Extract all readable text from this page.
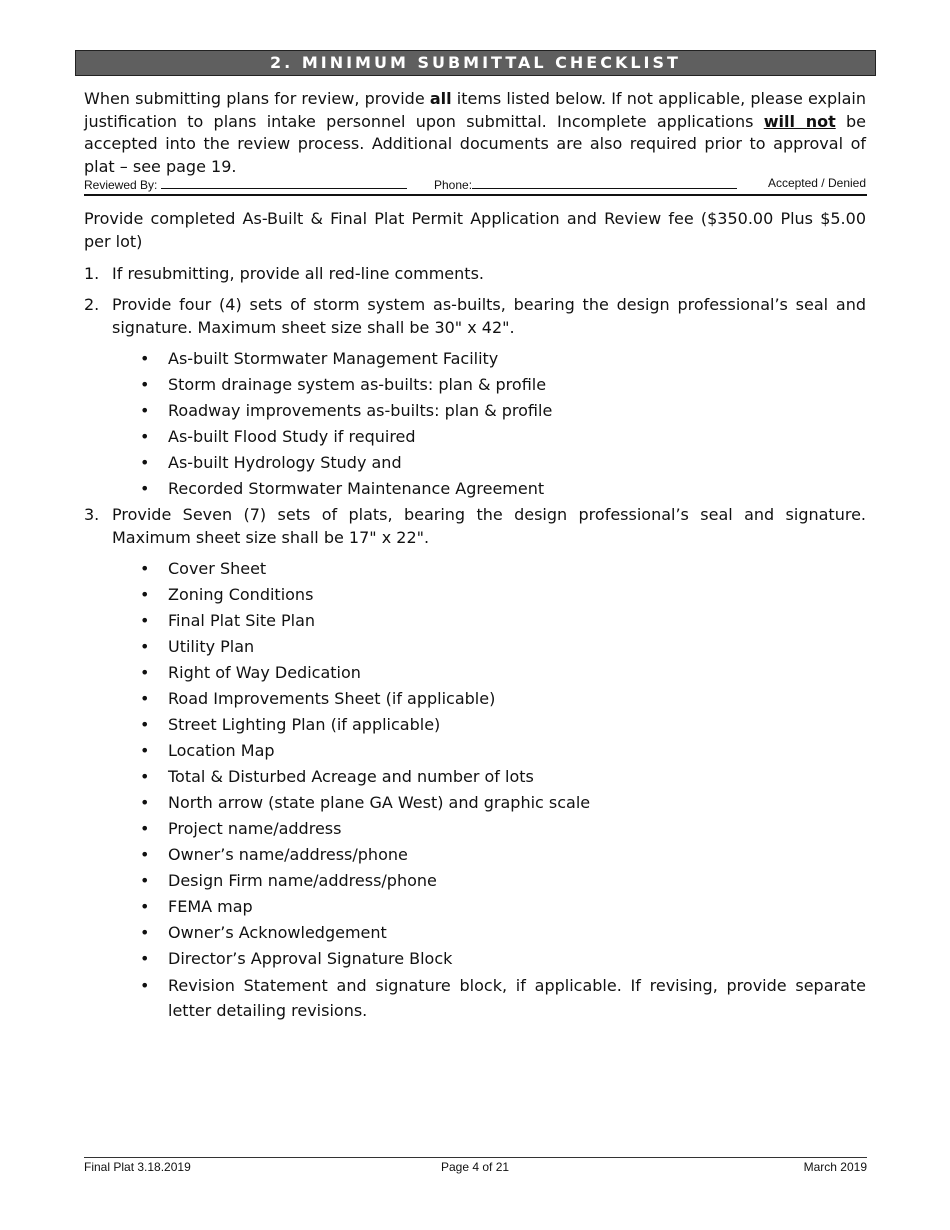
2. MINIMUM SUBMITTAL CHECKLIST

When submitting plans for review, provide all items listed below. If not applicable, please explain justification to plans intake personnel upon submittal. Incomplete applications will not be accepted into the review process. Additional documents are also required prior to approval of plat – see page 19.

Reviewed By:	Phone:	Accepted / Denied

Provide completed As-Built & Final Plat Permit Application and Review fee ($350.00 Plus $5.00 per lot)

1. If resubmitting, provide all red-line comments.
2. Provide four (4) sets of storm system as-builts, bearing the design professional’s seal and signature. Maximum sheet size shall be 30" x 42".
• As-built Stormwater Management Facility
• Storm drainage system as-builts: plan & profile
• Roadway improvements as-builts: plan & profile
• As-built Flood Study if required
• As-built Hydrology Study and
• Recorded Stormwater Maintenance Agreement
3. Provide Seven (7) sets of plats, bearing the design professional’s seal and signature. Maximum sheet size shall be 17" x 22".
• Cover Sheet
• Zoning Conditions
• Final Plat Site Plan
• Utility Plan
• Right of Way Dedication
• Road Improvements Sheet (if applicable)
• Street Lighting Plan (if applicable)
• Location Map
• Total & Disturbed Acreage and number of lots
• North arrow (state plane GA West) and graphic scale
• Project name/address
• Owner’s name/address/phone
• Design Firm name/address/phone
• FEMA map
• Owner’s Acknowledgement
• Director’s Approval Signature Block
• Revision Statement and signature block, if applicable. If revising, provide separate letter detailing revisions.
Final Plat 3.18.2019	Page 4 of 21	March 2019
